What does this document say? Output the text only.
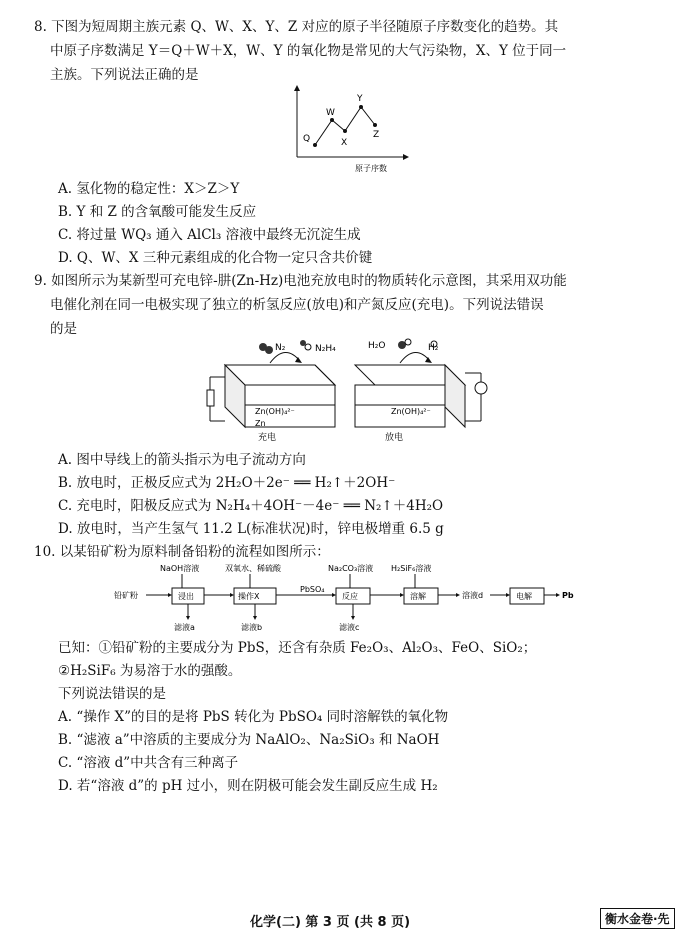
8. 下图为短周期主族元素 Q、W、X、Y、Z 对应的原子半径随原子序数变化的趋势。其
中原子序数满足 Y＝Q＋W＋X，W、Y 的氧化物是常见的大气污染物，X、Y 位于同一
主族。下列说法正确的是
Q
W
X
Y
Z
原子序数
A. 氢化物的稳定性：X＞Z＞Y
B. Y 和 Z 的含氧酸可能发生反应
C. 将过量 WQ₃ 通入 AlCl₃ 溶液中最终无沉淀生成
D. Q、W、X 三种元素组成的化合物一定只含共价键
9. 如图所示为某新型可充电锌-肼(Zn-Hz)电池充放电时的物质转化示意图，其采用双功能
电催化剂在同一电极实现了独立的析氢反应(放电)和产氮反应(充电)。下列说法错误
的是
N₂	N₂H₄
Zn(OH)₄²⁻
Zn
充电
H₂O	H₂
Zn(OH)₄²⁻
放电
A. 图中导线上的箭头指示为电子流动方向
B. 放电时，正极反应式为 2H₂O＋2e⁻ ══ H₂↑＋2OH⁻
C. 充电时，阳极反应式为 N₂H₄＋4OH⁻－4e⁻ ══ N₂↑＋4H₂O
D. 放电时，当产生氢气 11.2 L(标准状况)时，锌电极增重 6.5 g
10. 以某铅矿粉为原料制备铅粉的流程如图所示：
NaOH溶液	双氧水、稀硫酸
PbSO₄
Na₂CO₃溶液 H₂SiF₆溶液
铅矿粉	浸出	操作X	反应	溶解	溶液d	电解	Pb
滤液a	滤液b	滤液c
已知：①铅矿粉的主要成分为 PbS，还含有杂质 Fe₂O₃、Al₂O₃、FeO、SiO₂；
②H₂SiF₆ 为易溶于水的强酸。
下列说法错误的是
A. “操作 X”的目的是将 PbS 转化为 PbSO₄ 同时溶解铁的氧化物
B. “滤液 a”中溶质的主要成分为 NaAlO₂、Na₂SiO₃ 和 NaOH
C. “溶液 d”中共含有三种离子
D. 若“溶液 d”的 pH 过小，则在阴极可能会发生副反应生成 H₂
化学(二) 第 3 页 (共 8 页)	衡水金卷·先
